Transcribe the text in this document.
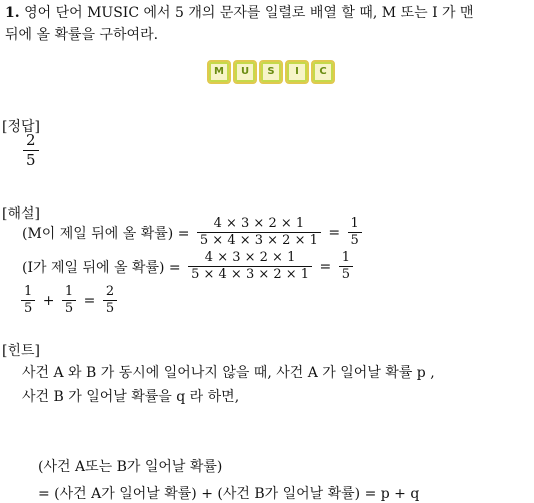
1. 영어 단어 MUSIC 에서 5 개의 문자를 일렬로 배열 할 때, M 또는 I 가 맨
뒤에 올 확률을 구하여라.
M	U	S	I	C
[정답]
$\frac{2}{5}$
[해설]
(M이 제일 뒤에 올 확률) = $\frac{4 \times 3 \times 2 \times 1}{5 \times 4 \times 3 \times 2 \times 1} = \frac{1}{5}$
(I가 제일 뒤에 올 확률) = $\frac{4 \times 3 \times 2 \times 1}{5 \times 4 \times 3 \times 2 \times 1} = \frac{1}{5}$
$\frac{1}{5} + \frac{1}{5} = \frac{2}{5}$
[힌트]
사건 A 와 B 가 동시에 일어나지 않을 때, 사건 A 가 일어날 확률 p ,
사건 B 가 일어날 확률을 q 라 하면,
(사건 A또는 B가 일어날 확률)
= (사건 A가 일어날 확률) + (사건 B가 일어날 확률) = p + q
